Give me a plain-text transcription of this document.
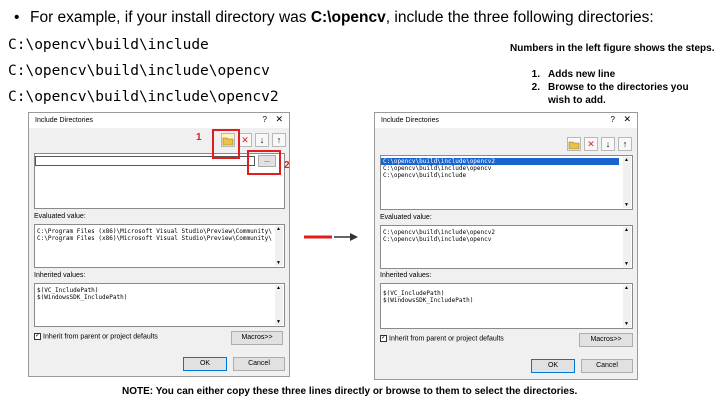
• For example, if your install directory was C:\opencv, include the three following directories:
C:\opencv\build\include
C:\opencv\build\include\opencv
C:\opencv\build\include\opencv2
Numbers in the left figure shows the steps.
1. Adds new line
2. Browse to the directories you wish to add.
Include Directories	? ✕
✕	↓	↑
...
Evaluated value:
C:\Program Files (x86)\Microsoft Visual Studio\Preview\Community\
C:\Program Files (x86)\Microsoft Visual Studio\Preview\Community\
▲
▼
Inherited values:
$(VC_IncludePath)
$(WindowsSDK_IncludePath)
▲
▼
✓ Inherit from parent or project defaults	Macros>>
OK	Cancel
1
2
Include Directories	? ✕
✕	↓	↑
C:\opencv\build\include\opencv2
C:\opencv\build\include\opencv
C:\opencv\build\include
▲
▼
Evaluated value:
C:\opencv\build\include\opencv2
C:\opencv\build\include\opencv
▲
▼
Inherited values:
$(VC_IncludePath)
$(WindowsSDK_IncludePath)
▲
▼
✓ Inherit from parent or project defaults	Macros>>
OK	Cancel
NOTE: You can either copy these three lines directly or browse to them to select the directories.
